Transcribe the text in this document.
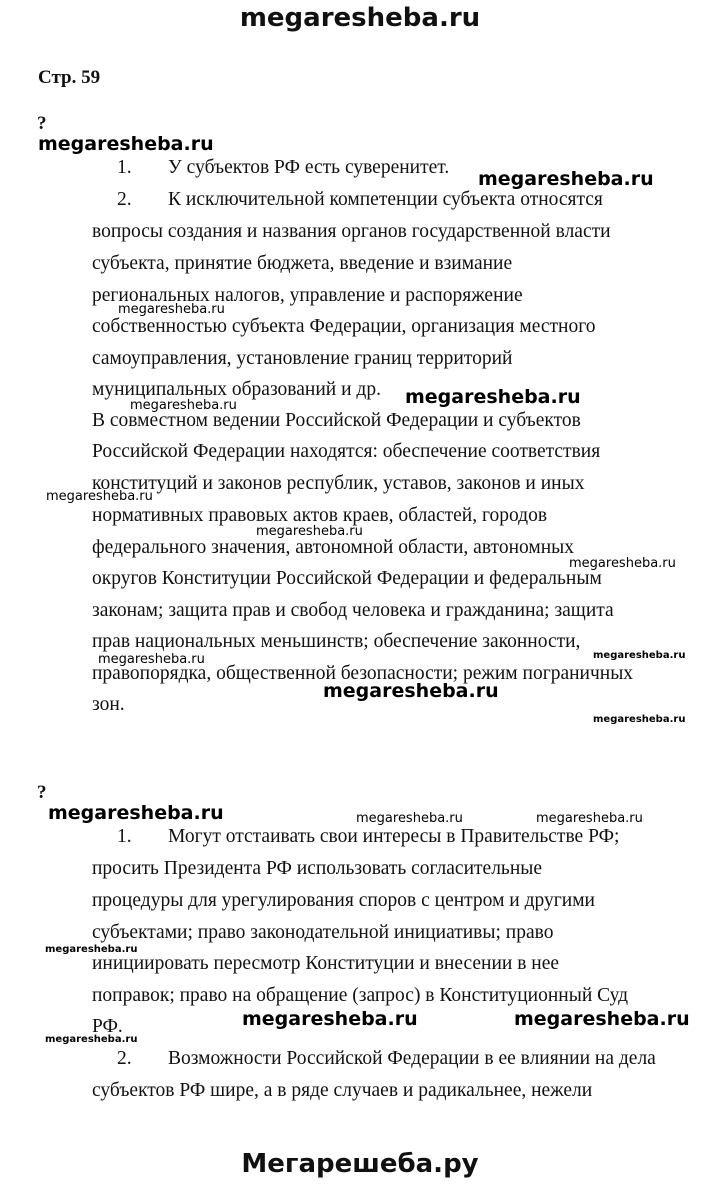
megaresheba.ru
Стр. 59
?
1. У субъектов РФ есть суверенитет.
2. К исключительной компетенции субъекта относятся
вопросы создания и названия органов государственной власти
субъекта, принятие бюджета, введение и взимание
региональных налогов, управление и распоряжение
собственностью субъекта Федерации, организация местного
самоуправления, установление границ территорий
муниципальных образований и др.
В совместном ведении Российской Федерации и субъектов
Российской Федерации находятся: обеспечение соответствия
конституций и законов республик, уставов, законов и иных
нормативных правовых актов краев, областей, городов
федерального значения, автономной области, автономных
округов Конституции Российской Федерации и федеральным
законам; защита прав и свобод человека и гражданина; защита
прав национальных меньшинств; обеспечение законности,
правопорядка, общественной безопасности; режим пограничных
зон.
?
1. Могут отстаивать свои интересы в Правительстве РФ;
просить Президента РФ использовать согласительные
процедуры для урегулирования споров с центром и другими
субъектами; право законодательной инициативы; право
инициировать пересмотр Конституции и внесении в нее
поправок; право на обращение (запрос) в Конституционный Суд
РФ.
2. Возможности Российской Федерации в ее влиянии на дела
субъектов РФ шире, а в ряде случаев и радикальнее, нежели
megaresheba.ru
megaresheba.ru
megaresheba.ru
megaresheba.ru
megaresheba.ru
megaresheba.ru
megaresheba.ru
megaresheba.ru
megaresheba.ru	megaresheba.ru
megaresheba.ru
megaresheba.ru
megaresheba.ru	megaresheba.ru	megaresheba.ru
megaresheba.ru
megaresheba.ru	megaresheba.ru
megaresheba.ru
Мегарешеба.ру
